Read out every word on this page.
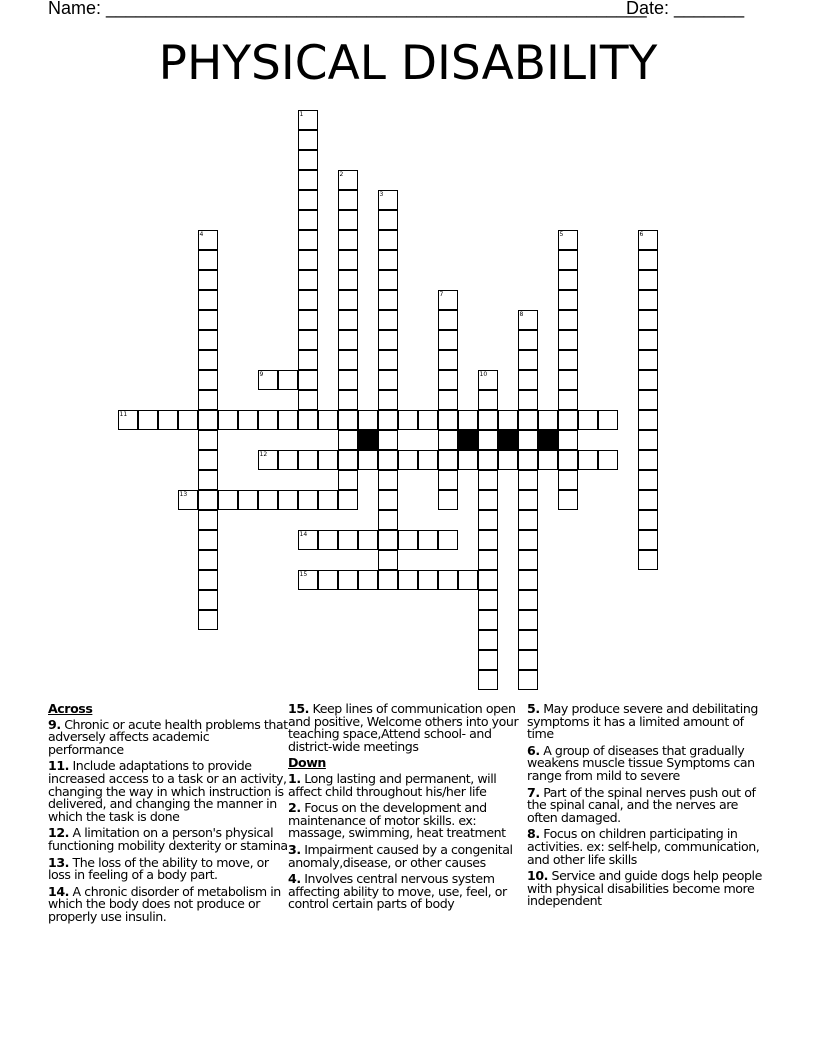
Name: ______________________________________________________
Date: _______
PHYSICAL DISABILITY
1
2
3
4	5	6
7
8
9	10
11
12
13
14
15
Across
9. Chronic or acute health problems that adversely affects academic performance
11. Include adaptations to provide increased access to a task or an activity, changing the way in which instruction is delivered, and changing the manner in which the task is done
12. A limitation on a person's physical functioning mobility dexterity or stamina
13. The loss of the ability to move, or loss in feeling of a body part.
14. A chronic disorder of metabolism in which the body does not produce or properly use insulin.
15. Keep lines of communication open and positive, Welcome others into your teaching space,Attend school- and district-wide meetings
Down
1. Long lasting and permanent, will affect child throughout his/her life
2. Focus on the development and maintenance of motor skills. ex: massage, swimming, heat treatment
3. Impairment caused by a congenital anomaly,disease, or other causes
4. Involves central nervous system affecting ability to move, use, feel, or control certain parts of body
5. May produce severe and debilitating symptoms it has a limited amount of time
6. A group of diseases that gradually weakens muscle tissue Symptoms can range from mild to severe
7. Part of the spinal nerves push out of the spinal canal, and the nerves are often damaged.
8. Focus on children participating in activities. ex: self-help, communication, and other life skills
10. Service and guide dogs help people with physical disabilities become more independent
